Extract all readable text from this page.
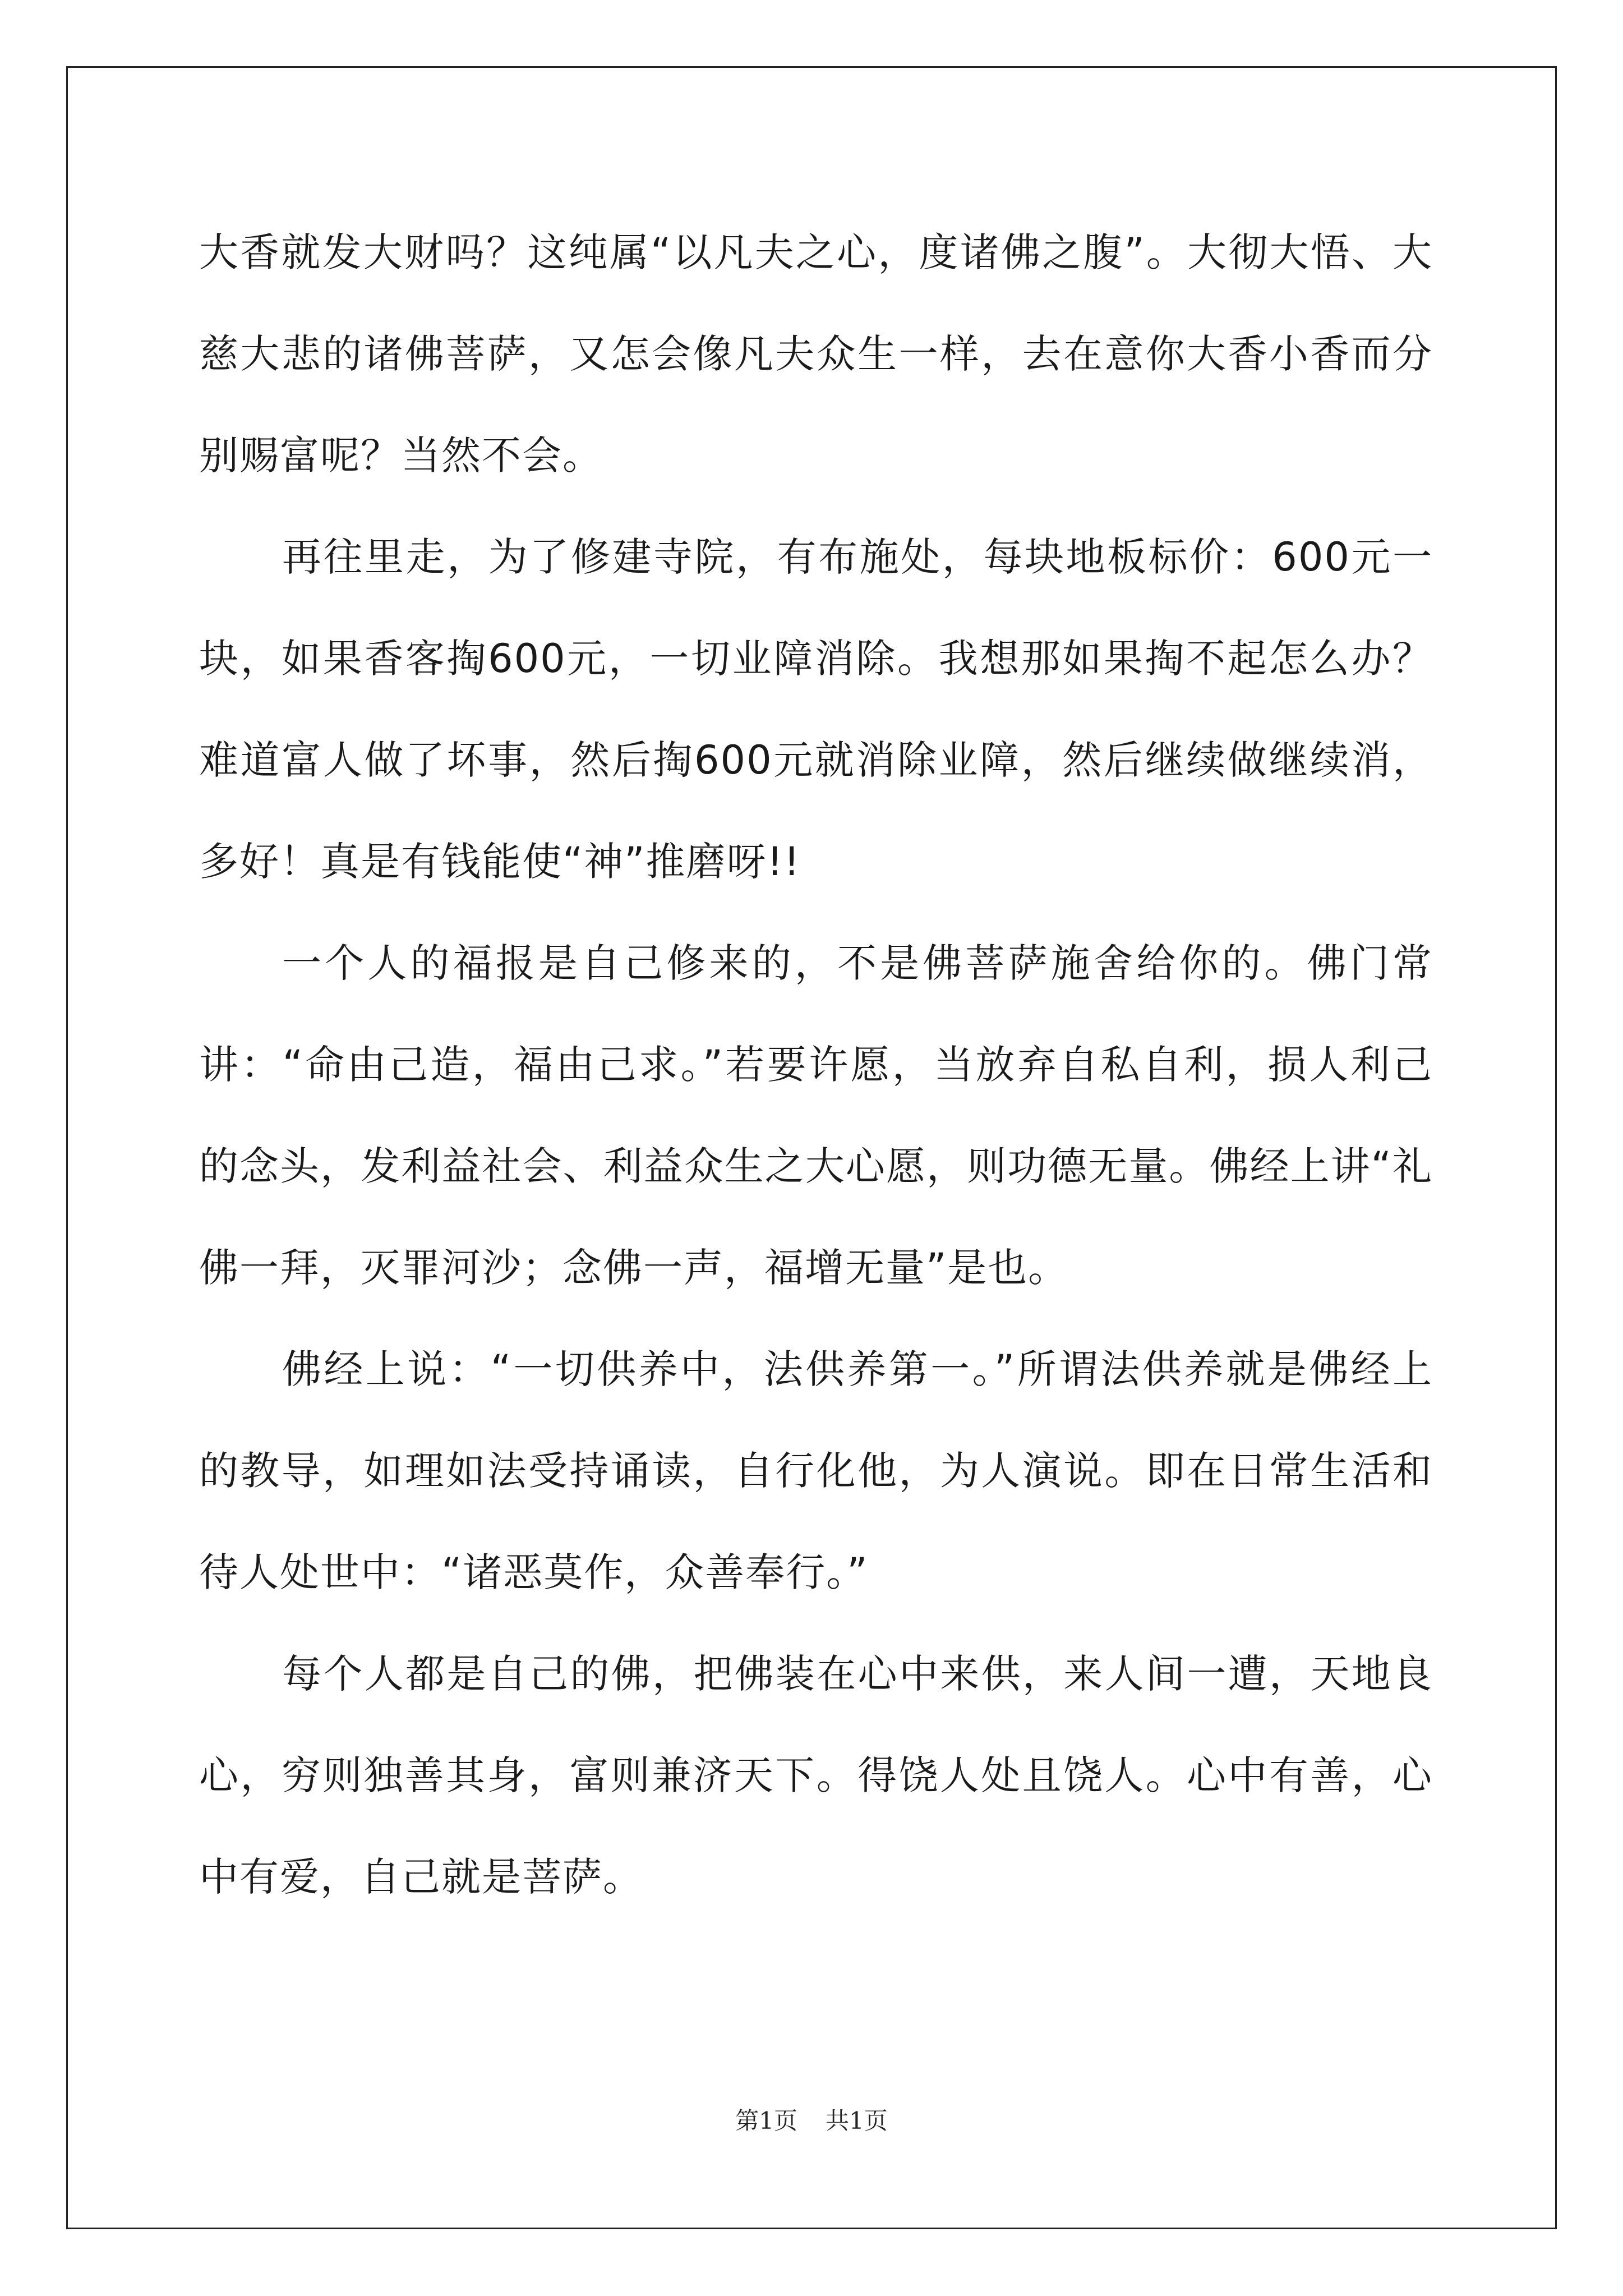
大香就发大财吗？这纯属“以凡夫之心，度诸佛之腹”。大彻大悟、大慈大悲的诸佛菩萨，又怎会像凡夫众生一样，去在意你大香小香而分别赐富呢？当然不会。

再往里走，为了修建寺院，有布施处，每块地板标价：600元一块，如果香客掏600元，一切业障消除。我想那如果掏不起怎么办？难道富人做了坏事，然后掏600元就消除业障，然后继续做继续消，多好！真是有钱能使“神”推磨呀!!

一个人的福报是自己修来的，不是佛菩萨施舍给你的。佛门常讲：“命由己造，福由己求。”若要许愿，当放弃自私自利，损人利己的念头，发利益社会、利益众生之大心愿，则功德无量。佛经上讲“礼佛一拜，灭罪河沙；念佛一声，福增无量”是也。

佛经上说：“一切供养中，法供养第一。”所谓法供养就是佛经上的教导，如理如法受持诵读，自行化他，为人演说。即在日常生活和待人处世中：“诸恶莫作，众善奉行。”

每个人都是自己的佛，把佛装在心中来供，来人间一遭，天地良心，穷则独善其身，富则兼济天下。得饶人处且饶人。心中有善，心中有爱，自己就是菩萨。

第1页 共1页
